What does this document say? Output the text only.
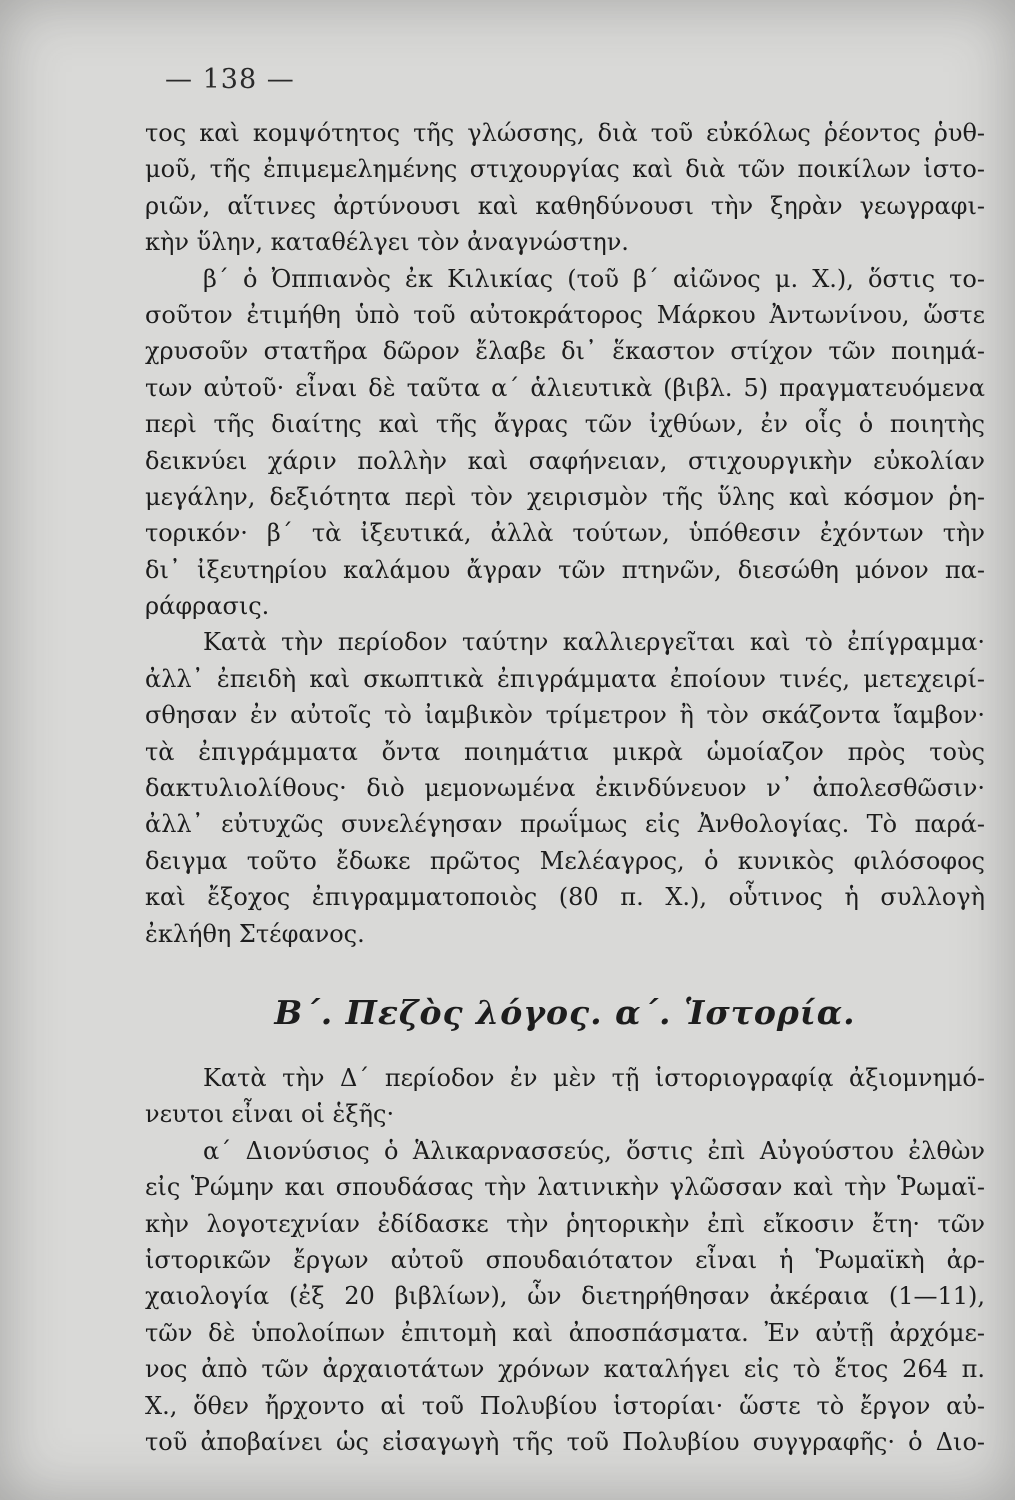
— 138 —
τος καὶ κομψότητος τῆς γλώσσης, διὰ τοῦ εὐκόλως ῥέοντος ῥυθ-
μοῦ, τῆς ἐπιμεμελημένης στιχουργίας καὶ διὰ τῶν ποικίλων ἱστο-
ριῶν, αἵτινες ἀρτύνουσι καὶ καθηδύνουσι τὴν ξηρὰν γεωγραφι-
κὴν ὕλην, καταθέλγει τὸν ἀναγνώστην.
β΄ ὁ Ὀππιανὸς ἐκ Κιλικίας (τοῦ β΄ αἰῶνος μ. Χ.), ὅστις το-
σοῦτον ἐτιμήθη ὑπὸ τοῦ αὐτοκράτορος Μάρκου Ἀντωνίνου, ὥστε
χρυσοῦν στατῆρα δῶρον ἔλαβε δι᾿ ἕκαστον στίχον τῶν ποιημά-
των αὐτοῦ· εἶναι δὲ ταῦτα α΄ ἁλιευτικὰ (βιβλ. 5) πραγματευόμενα
περὶ τῆς διαίτης καὶ τῆς ἄγρας τῶν ἰχθύων, ἐν οἷς ὁ ποιητὴς
δεικνύει χάριν πολλὴν καὶ σαφήνειαν, στιχουργικὴν εὐκολίαν
μεγάλην, δεξιότητα περὶ τὸν χειρισμὸν τῆς ὕλης καὶ κόσμον ῥη-
τορικόν· β΄ τὰ ἰξευτικά, ἀλλὰ τούτων, ὑπόθεσιν ἐχόντων τὴν
δι᾿ ἰξευτηρίου καλάμου ἄγραν τῶν πτηνῶν, διεσώθη μόνον πα-
ράφρασις.
Κατὰ τὴν περίοδον ταύτην καλλιεργεῖται καὶ τὸ ἐπίγραμμα·
ἀλλ᾿ ἐπειδὴ καὶ σκωπτικὰ ἐπιγράμματα ἐποίουν τινές, μετεχειρί-
σθησαν ἐν αὐτοῖς τὸ ἰαμβικὸν τρίμετρον ἢ τὸν σκάζοντα ἴαμβον·
τὰ ἐπιγράμματα ὄντα ποιημάτια μικρὰ ὡμοίαζον πρὸς τοὺς
δακτυλιολίθους· διὸ μεμονωμένα ἐκινδύνευον ν᾿ ἀπολεσθῶσιν·
ἀλλ᾿ εὐτυχῶς συνελέγησαν πρωΐμως εἰς Ἀνθολογίας. Τὸ παρά-
δειγμα τοῦτο ἔδωκε πρῶτος Μελέαγρος, ὁ κυνικὸς φιλόσοφος
καὶ ἔξοχος ἐπιγραμματοποιὸς (80 π. Χ.), οὗτινος ἡ συλλογὴ
ἐκλήθη Στέφανος.
Β΄. Πεζὸς λόγος. α΄. Ἱστορία.
Κατὰ τὴν Δ΄ περίοδον ἐν μὲν τῇ ἱστοριογραφίᾳ ἀξιομνημό-
νευτοι εἶναι οἱ ἑξῆς·
α΄ Διονύσιος ὁ Ἁλικαρνασσεύς, ὅστις ἐπὶ Αὐγούστου ἐλθὼν
εἰς Ῥώμην και σπουδάσας τὴν λατινικὴν γλῶσσαν καὶ τὴν Ῥωμαϊ-
κὴν λογοτεχνίαν ἐδίδασκε τὴν ῥητορικὴν ἐπὶ εἴκοσιν ἔτη· τῶν
ἱστορικῶν ἔργων αὐτοῦ σπουδαιότατον εἶναι ἡ Ῥωμαϊκὴ ἀρ-
χαιολογία (ἐξ 20 βιβλίων), ὧν διετηρήθησαν ἀκέραια (1—11),
τῶν δὲ ὑπολοίπων ἐπιτομὴ καὶ ἀποσπάσματα. Ἐν αὐτῇ ἀρχόμε-
νος ἀπὸ τῶν ἀρχαιοτάτων χρόνων καταλήγει εἰς τὸ ἔτος 264 π.
Χ., ὅθεν ἤρχοντο αἱ τοῦ Πολυβίου ἱστορίαι· ὥστε τὸ ἔργον αὐ-
τοῦ ἀποβαίνει ὡς εἰσαγωγὴ τῆς τοῦ Πολυβίου συγγραφῆς· ὁ Διο-
